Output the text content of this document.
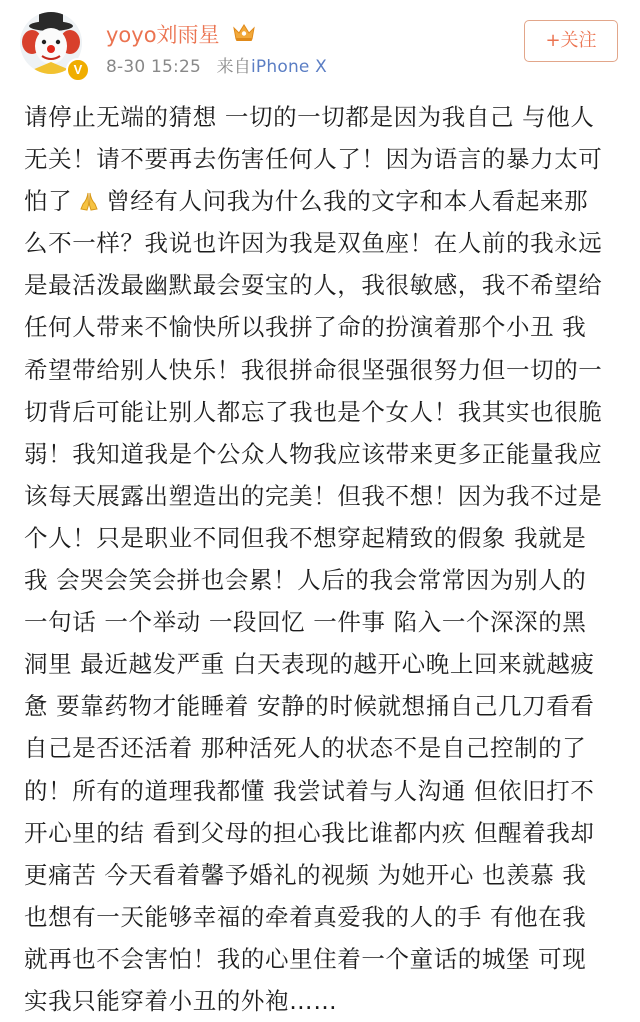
V
yoyo刘雨星
8-30 15:25 来自iPhone X
+关注
请停止无端的猜想 一切的一切都是因为我自己 与他人
无关！请不要再去伤害任何人了！因为语言的暴力太可
怕了 曾经有人问我为什么我的文字和本人看起来那
么不一样？我说也许因为我是双鱼座！在人前的我永远
是最活泼最幽默最会耍宝的人，我很敏感，我不希望给
任何人带来不愉快所以我拼了命的扮演着那个小丑 我
希望带给别人快乐！我很拼命很坚强很努力但一切的一
切背后可能让别人都忘了我也是个女人！我其实也很脆
弱！我知道我是个公众人物我应该带来更多正能量我应
该每天展露出塑造出的完美！但我不想！因为我不过是
个人！只是职业不同但我不想穿起精致的假象 我就是
我 会哭会笑会拼也会累！人后的我会常常因为别人的
一句话 一个举动 一段回忆 一件事 陷入一个深深的黑
洞里 最近越发严重 白天表现的越开心晚上回来就越疲
惫 要靠药物才能睡着 安静的时候就想捅自己几刀看看
自己是否还活着 那种活死人的状态不是自己控制的了
的！所有的道理我都懂 我尝试着与人沟通 但依旧打不
开心里的结 看到父母的担心我比谁都内疚 但醒着我却
更痛苦 今天看着馨予婚礼的视频 为她开心 也羡慕 我
也想有一天能够幸福的牵着真爱我的人的手 有他在我
就再也不会害怕！我的心里住着一个童话的城堡 可现
实我只能穿着小丑的外袍……
